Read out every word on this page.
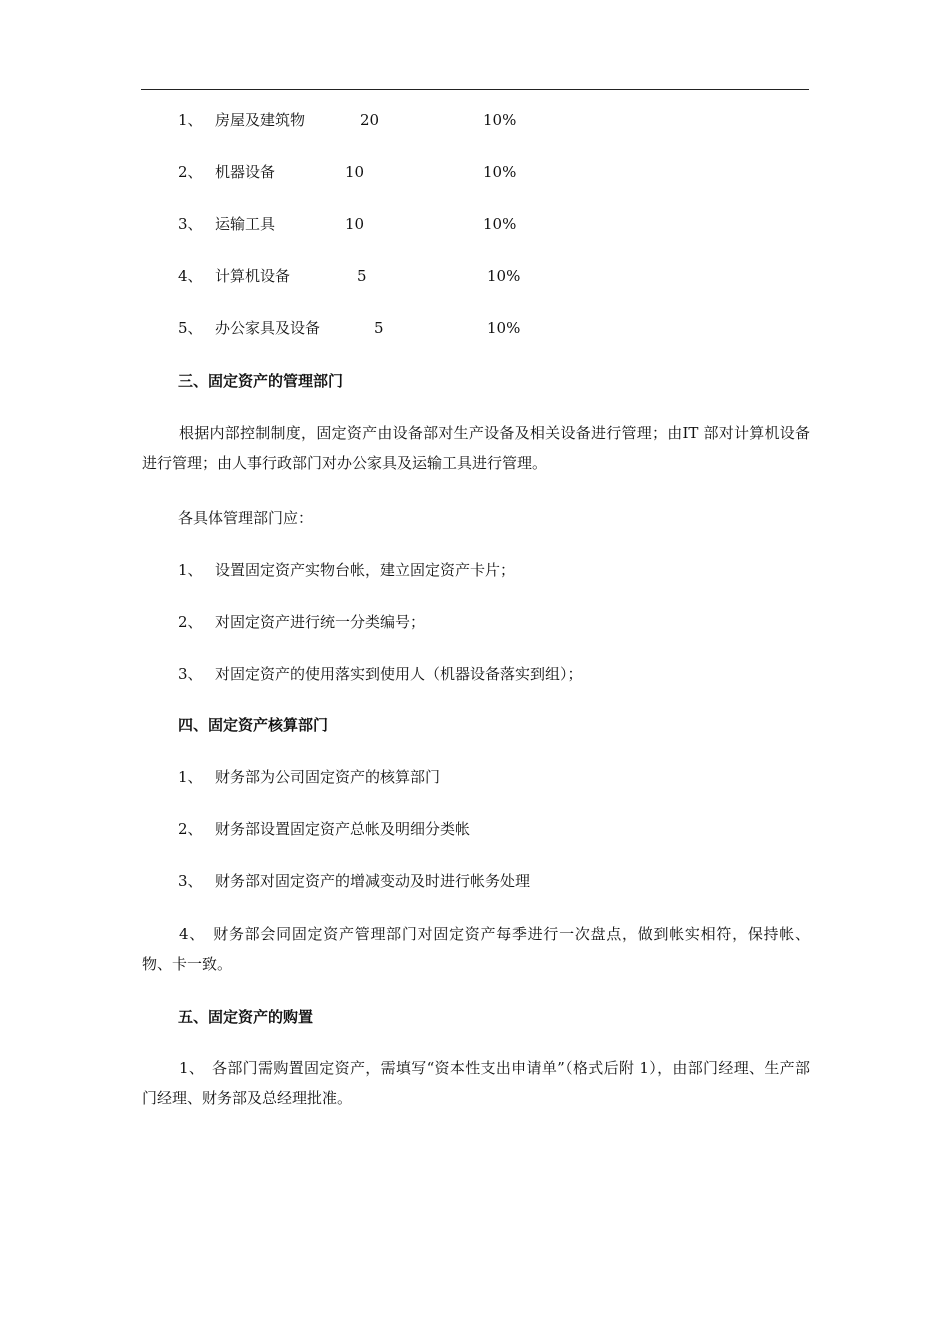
1、 房屋及建筑物	20	10%
2、 机器设备	10	10%
3、 运输工具	10	10%
4、 计算机设备	5	10%
5、 办公家具及设备	5	10%
三、固定资产的管理部门
根据内部控制制度，固定资产由设备部对生产设备及相关设备进行管理；由IT 部对计算机设备进行管理；由人事行政部门对办公家具及运输工具进行管理。
各具体管理部门应：
1、 设置固定资产实物台帐，建立固定资产卡片；
2、 对固定资产进行统一分类编号；
3、 对固定资产的使用落实到使用人（机器设备落实到组）；
四、固定资产核算部门
1、 财务部为公司固定资产的核算部门
2、 财务部设置固定资产总帐及明细分类帐
3、 财务部对固定资产的增减变动及时进行帐务处理
4、　财务部会同固定资产管理部门对固定资产每季进行一次盘点，做到帐实相符，保持帐、物、卡一致。
五、固定资产的购置
1、　各部门需购置固定资产，需填写“资本性支出申请单”（格式后附 1），由部门经理、生产部门经理、财务部及总经理批准。
